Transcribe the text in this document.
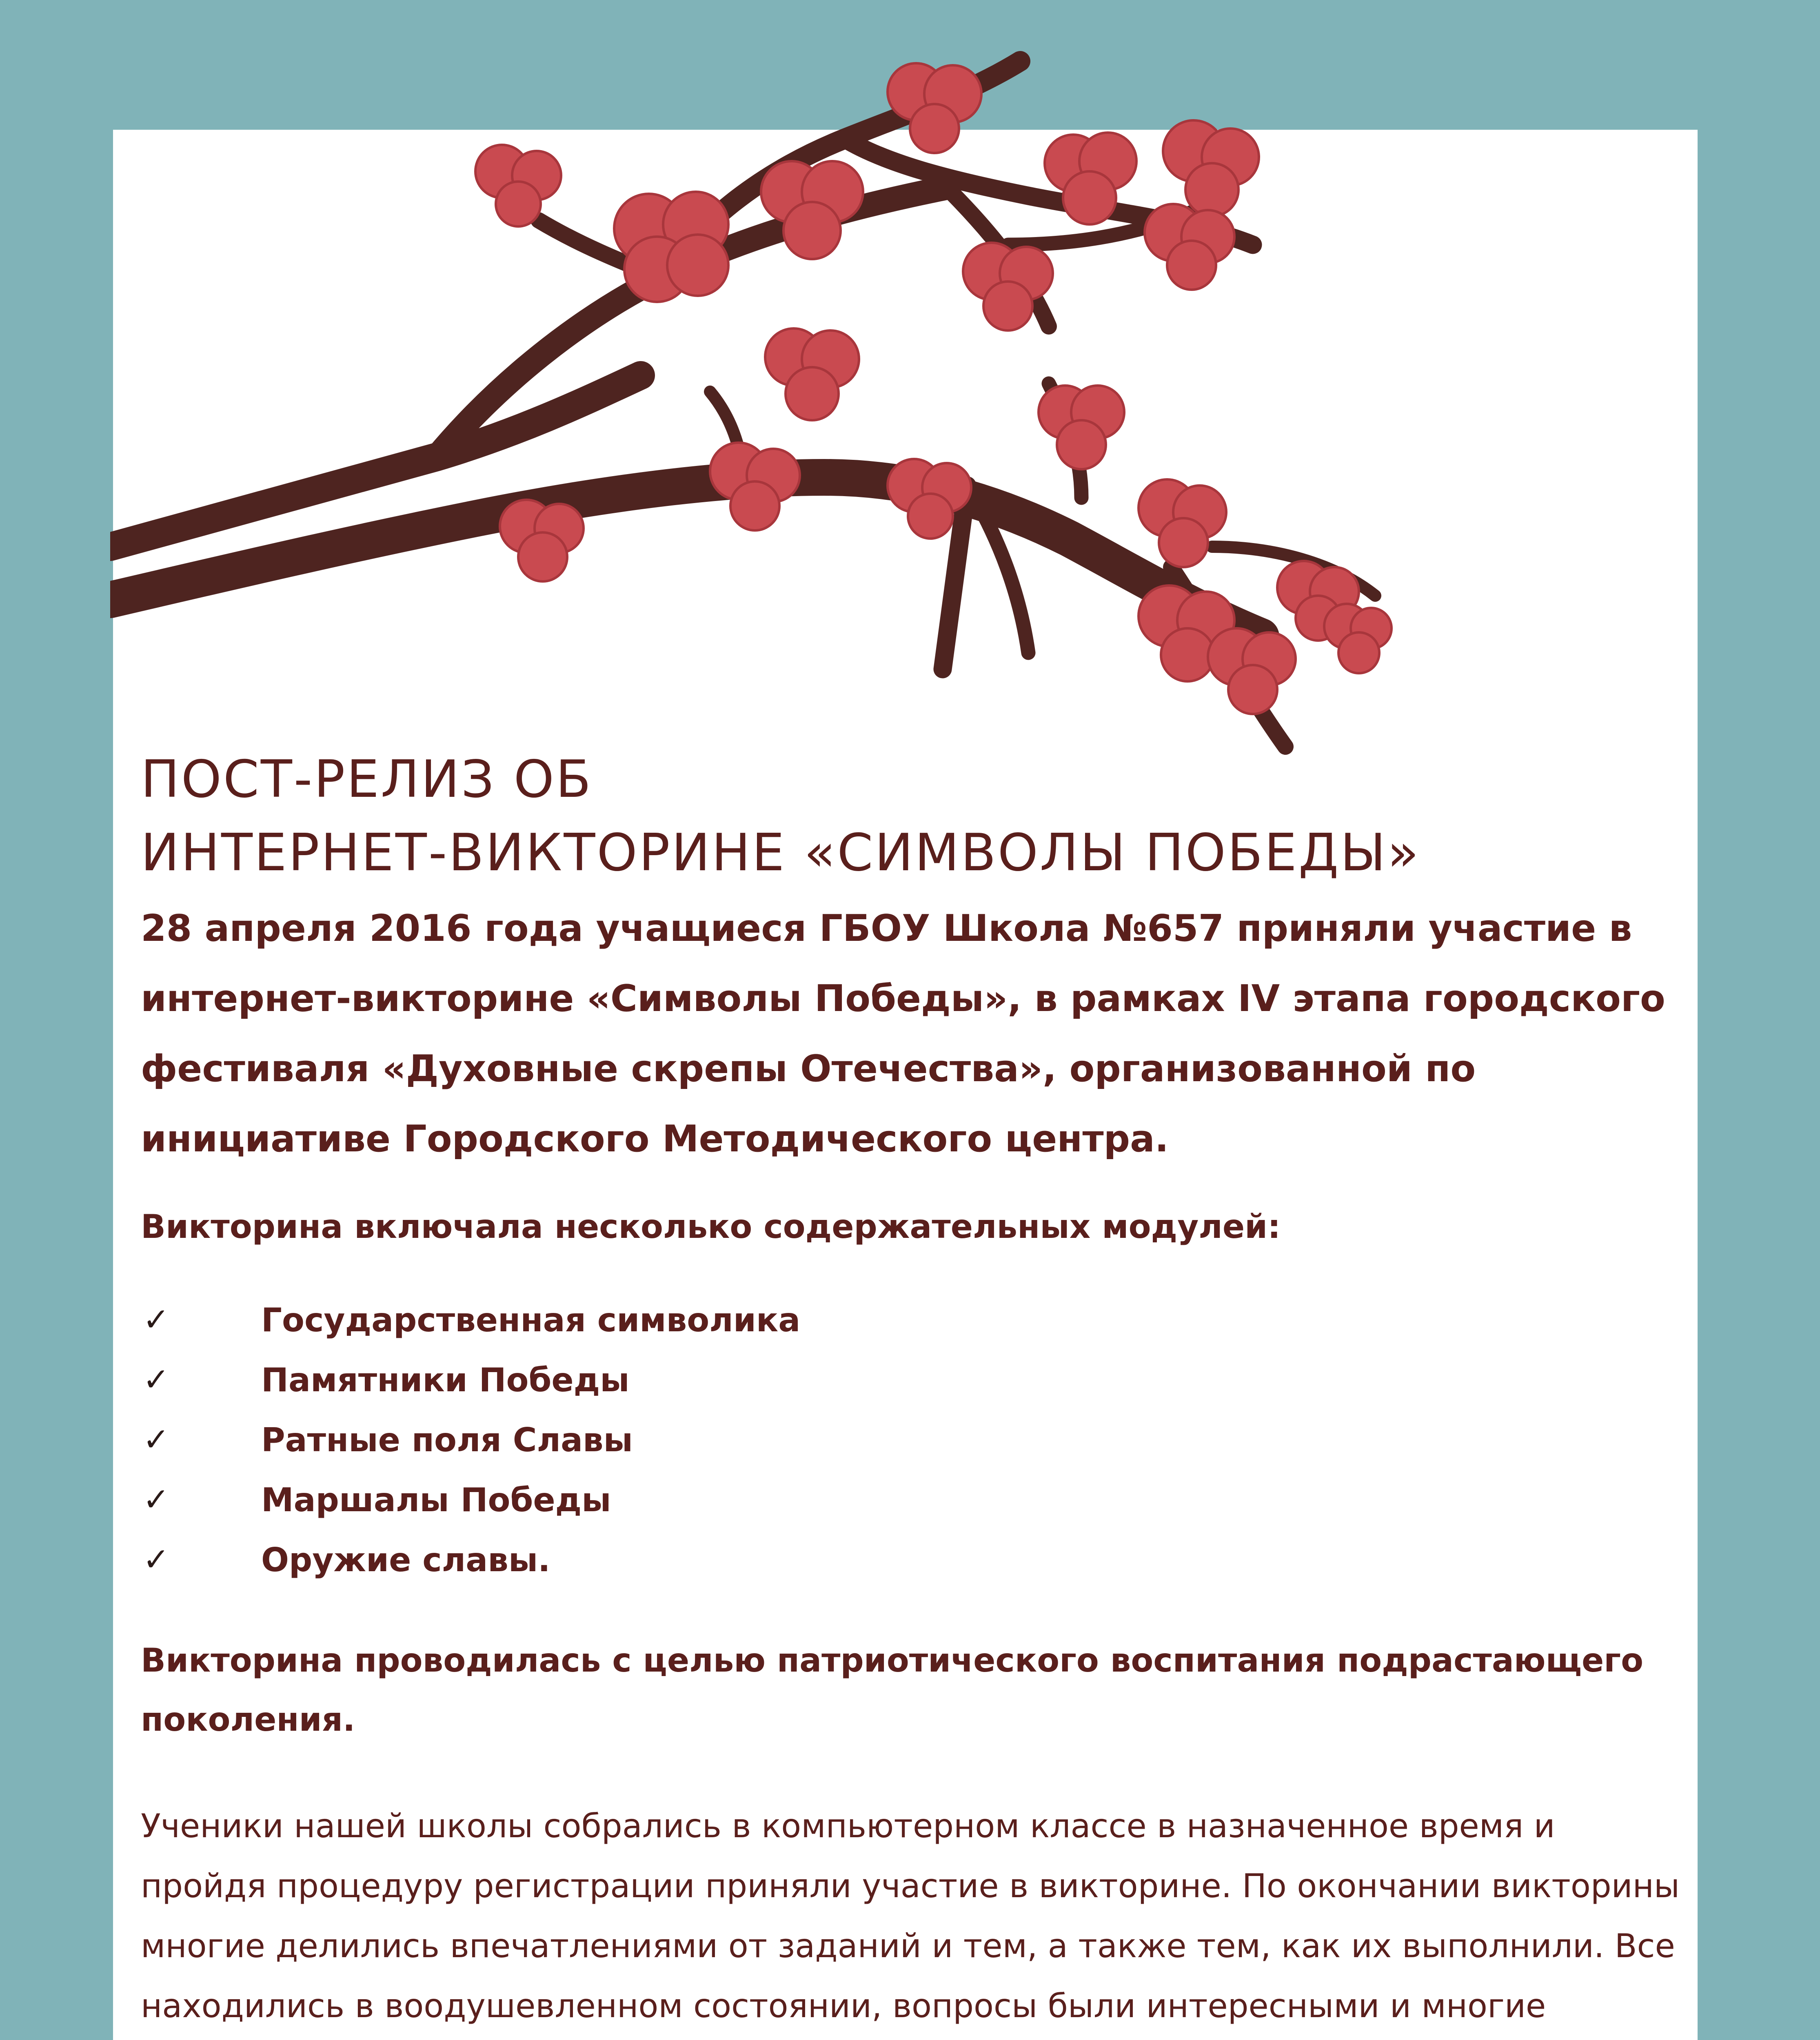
ПОСТ-РЕЛИЗ ОБ
ИНТЕРНЕТ-ВИКТОРИНЕ «СИМВОЛЫ ПОБЕДЫ»

28 апреля 2016 года учащиеся ГБОУ Школа №657 приняли участие в интернет-викторине «Символы Победы», в рамках IV этапа городского фестиваля «Духовные скрепы Отечества», организованной по инициативе Городского Методического центра.

Викторина включала несколько содержательных модулей:

✓	Государственная символика
✓	Памятники Победы
✓	Ратные поля Славы
✓	Маршалы Победы
✓	Оружие славы.

Викторина проводилась с целью патриотического воспитания подрастающего поколения.

Ученики нашей школы собрались в компьютерном классе в назначенное время и пройдя процедуру регистрации приняли участие в викторине. По окончании викторины многие делились впечатлениями от заданий и тем, а также тем, как их выполнили. Все находились в воодушевленном состоянии, вопросы были интересными и многие
